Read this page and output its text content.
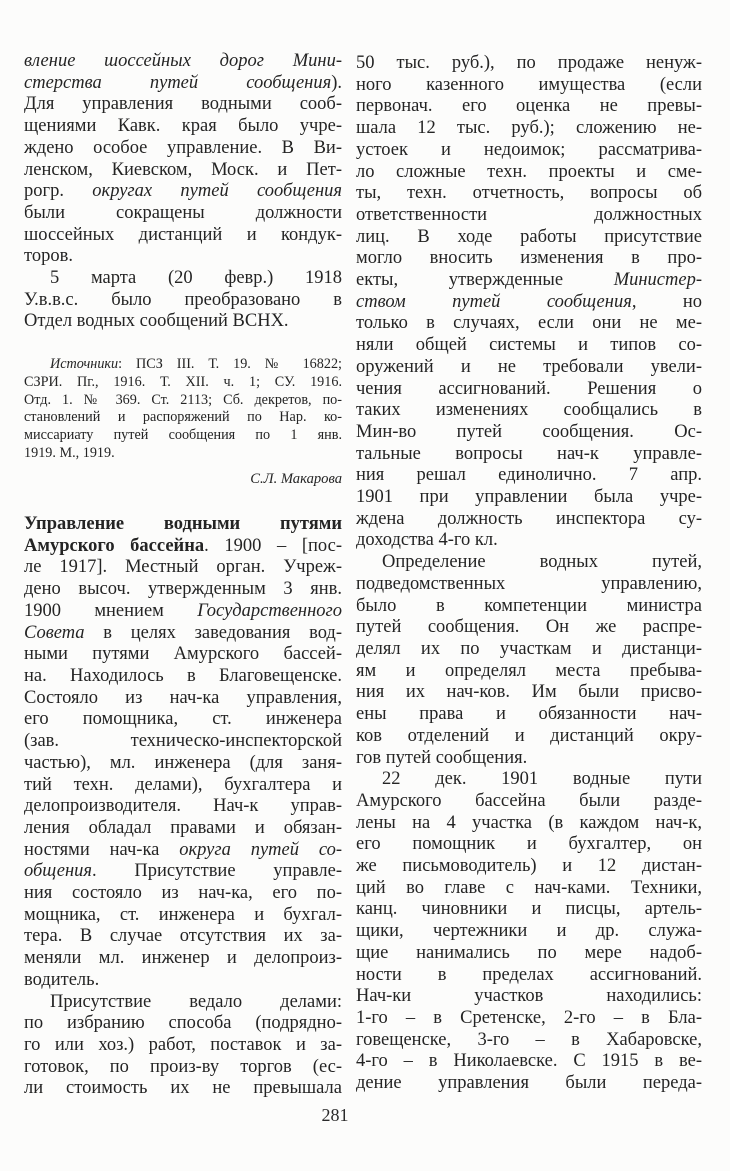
вление шоссейных дорог Мини-
стерства путей сообщения).
Для управления водными сооб-
щениями Кавк. края было учре-
ждено особое управление. В Ви-
ленском, Киевском, Моск. и Пет-
рогр. округах путей сообщения
были сокращены должности
шоссейных дистанций и кондук-
торов.
5 марта (20 февр.) 1918
У.в.в.с. было преобразовано в
Отдел водных сообщений ВСНХ.
Источники: ПСЗ III. Т. 19. № 16822;
СЗРИ. Пг., 1916. Т. XII. ч. 1; СУ. 1916.
Отд. 1. № 369. Ст. 2113; Сб. декретов, по-
становлений и распоряжений по Нар. ко-
миссариату путей сообщения по 1 янв.
1919. М., 1919.
С.Л. Макарова
Управление водными путями
Амурского бассейна. 1900 – [пос-
ле 1917]. Местный орган. Учреж-
дено высоч. утвержденным 3 янв.
1900 мнением Государственного
Совета в целях заведования вод-
ными путями Амурского бассей-
на. Находилось в Благовещенске.
Состояло из нач-ка управления,
его помощника, ст. инженера
(зав. техническо-инспекторской
частью), мл. инженера (для заня-
тий техн. делами), бухгалтера и
делопроизводителя. Нач-к управ-
ления обладал правами и обязан-
ностями нач-ка округа путей со-
общения. Присутствие управле-
ния состояло из нач-ка, его по-
мощника, ст. инженера и бухгал-
тера. В случае отсутствия их за-
меняли мл. инженер и делопроиз-
водитель.
Присутствие ведало делами:
по избранию способа (подрядно-
го или хоз.) работ, поставок и за-
готовок, по произ-ву торгов (ес-
ли стоимость их не превышала
50 тыс. руб.), по продаже ненуж-
ного казенного имущества (если
первонач. его оценка не превы-
шала 12 тыс. руб.); сложению не-
устоек и недоимок; рассматрива-
ло сложные техн. проекты и сме-
ты, техн. отчетность, вопросы об
ответственности должностных
лиц. В ходе работы присутствие
могло вносить изменения в про-
екты, утвержденные Министер-
ством путей сообщения, но
только в случаях, если они не ме-
няли общей системы и типов со-
оружений и не требовали увели-
чения ассигнований. Решения о
таких изменениях сообщались в
Мин-во путей сообщения. Ос-
тальные вопросы нач-к управле-
ния решал единолично. 7 апр.
1901 при управлении была учре-
ждена должность инспектора су-
доходства 4-го кл.
Определение водных путей,
подведомственных управлению,
было в компетенции министра
путей сообщения. Он же распре-
делял их по участкам и дистанци-
ям и определял места пребыва-
ния их нач-ков. Им были присво-
ены права и обязанности нач-
ков отделений и дистанций окру-
гов путей сообщения.
22 дек. 1901 водные пути
Амурского бассейна были разде-
лены на 4 участка (в каждом нач-к,
его помощник и бухгалтер, он
же письмоводитель) и 12 дистан-
ций во главе с нач-ками. Техники,
канц. чиновники и писцы, артель-
щики, чертежники и др. служа-
щие нанимались по мере надоб-
ности в пределах ассигнований.
Нач-ки участков находились:
1-го – в Сретенске, 2-го – в Бла-
говещенске, 3-го – в Хабаровске,
4-го – в Николаевске. С 1915 в ве-
дение управления были переда-
281
